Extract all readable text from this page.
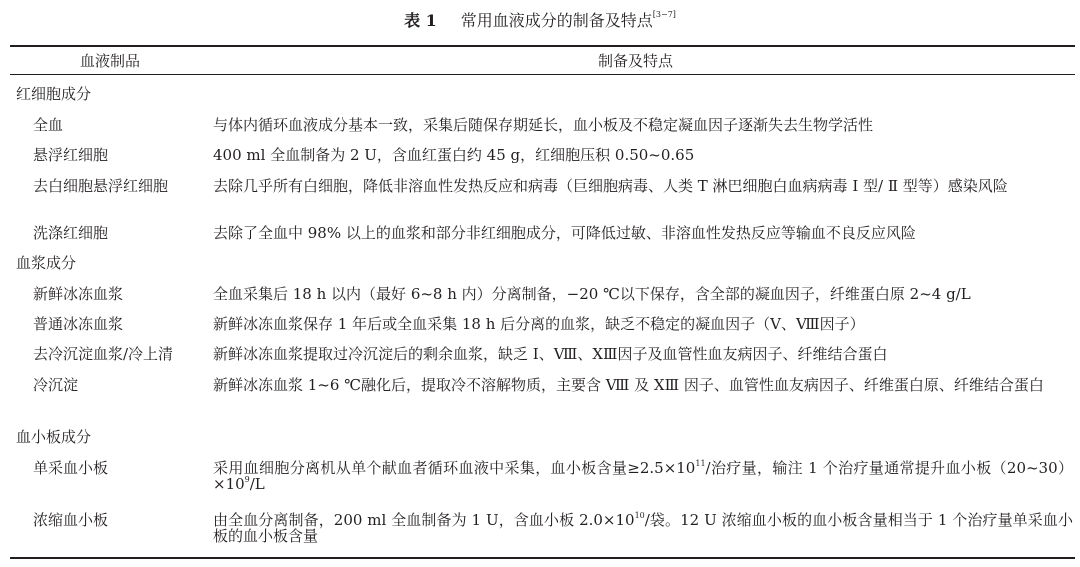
表 1 常用血液成分的制备及特点[3−7]
血液制品	制备及特点
红细胞成分
全血	与体内循环血液成分基本一致，采集后随保存期延长，血小板及不稳定凝血因子逐渐失去生物学活性
悬浮红细胞	400 ml 全血制备为 2 U，含血红蛋白约 45 g，红细胞压积 0.50~0.65
去白细胞悬浮红细胞	去除几乎所有白细胞，降低非溶血性发热反应和病毒（巨细胞病毒、人类 T 淋巴细胞白血病病毒 Ⅰ 型/ Ⅱ 型等）感染风险
洗涤红细胞	去除了全血中 98% 以上的血浆和部分非红细胞成分，可降低过敏、非溶血性发热反应等输血不良反应风险
血浆成分
新鲜冰冻血浆	全血采集后 18 h 以内（最好 6~8 h 内）分离制备，−20 ℃以下保存，含全部的凝血因子，纤维蛋白原 2~4 g/L
普通冰冻血浆	新鲜冰冻血浆保存 1 年后或全血采集 18 h 后分离的血浆，缺乏不稳定的凝血因子（Ⅴ、Ⅷ因子）
去冷沉淀血浆/冷上清	新鲜冰冻血浆提取过冷沉淀后的剩余血浆，缺乏 Ⅰ、Ⅷ、ⅩⅢ因子及血管性血友病因子、纤维结合蛋白
冷沉淀	新鲜冰冻血浆 1~6 ℃融化后，提取冷不溶解物质，主要含 Ⅷ 及 ⅩⅢ 因子、血管性血友病因子、纤维蛋白原、纤维结合蛋白
血小板成分
单采血小板	采用血细胞分离机从单个献血者循环血液中采集，血小板含量$\ge 2.5\times 10^{11}/$治疗量，输注 1 个治疗量通常提升血小板$(20\sim 30)\times 10^9/L$
浓缩血小板	由全血分离制备，200 ml 全血制备为 1 U，含血小板 $2.0\times 10^{10}/$袋。12 U 浓缩血小板的血小板含量相当于 1 个治疗量单采血小板的血小板含量
